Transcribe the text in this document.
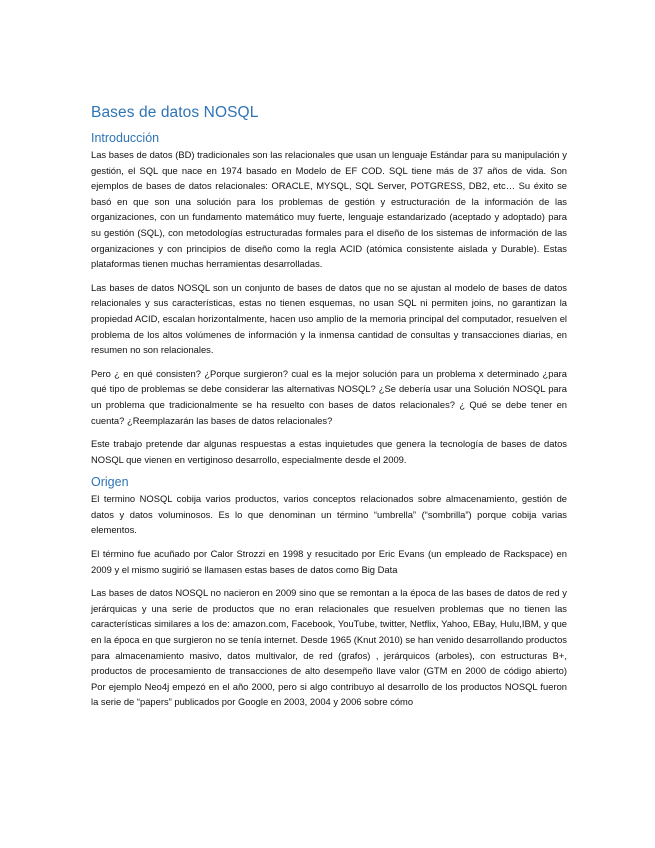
Bases de datos NOSQL
Introducción

Las bases de datos (BD) tradicionales son las relacionales que usan un lenguaje Estándar para su manipulación y gestión, el SQL que nace en 1974 basado en Modelo de EF COD. SQL tiene más de 37 años de vida. Son ejemplos de bases de datos relacionales: ORACLE, MYSQL, SQL Server, POTGRESS, DB2, etc… Su éxito se basó en que son una solución para los problemas de gestión y estructuración de la información de las organizaciones, con un fundamento matemático muy fuerte, lenguaje estandarizado (aceptado y adoptado) para su gestión (SQL), con metodologías estructuradas formales para el diseño de los sistemas de información de las organizaciones y con principios de diseño como la regla ACID (atómica consistente aislada y Durable). Estas plataformas tienen muchas herramientas desarrolladas.

Las bases de datos NOSQL son un conjunto de bases de datos que no se ajustan al modelo de bases de datos relacionales y sus características, estas no tienen esquemas, no usan SQL ni permiten joins, no garantizan la propiedad ACID, escalan horizontalmente, hacen uso amplio de la memoria principal del computador, resuelven el problema de los altos volúmenes de información y la inmensa cantidad de consultas y transacciones diarias, en resumen no son relacionales.

Pero ¿ en qué consisten? ¿Porque surgieron? cual es la mejor solución para un problema x determinado ¿para qué tipo de problemas se debe considerar las alternativas NOSQL? ¿Se debería usar una Solución NOSQL para un problema que tradicionalmente se ha resuelto con bases de datos relacionales? ¿ Qué se debe tener en cuenta? ¿Reemplazarán las bases de datos relacionales?

Este trabajo pretende dar algunas respuestas a estas inquietudes que genera la tecnología de bases de datos NOSQL que vienen en vertiginoso desarrollo, especialmente desde el 2009.

Origen

El termino NOSQL cobija varios productos, varios conceptos relacionados sobre almacenamiento, gestión de datos y datos voluminosos. Es lo que denominan un término “umbrella” (“sombrilla”) porque cobija varias elementos.

El término fue acuñado por Calor Strozzi en 1998 y resucitado por Eric Evans (un empleado de Rackspace) en 2009 y el mismo sugirió se llamasen estas bases de datos como Big Data

Las bases de datos NOSQL no nacieron en 2009 sino que se remontan a la época de las bases de datos de red y jerárquicas y una serie de productos que no eran relacionales que resuelven problemas que no tienen las características similares a los de: amazon.com, Facebook, YouTube, twitter, Netflix, Yahoo, EBay, Hulu,IBM, y que en la época en que surgieron no se tenía internet. Desde 1965 (Knut 2010) se han venido desarrollando productos para almacenamiento masivo, datos multivalor, de red (grafos) , jerárquicos (arboles), con estructuras B+, productos de procesamiento de transacciones de alto desempeño llave valor (GTM en 2000 de código abierto) Por ejemplo Neo4j empezó en el año 2000, pero si algo contribuyo al desarrollo de los productos NOSQL fueron la serie de “papers” publicados por Google en 2003, 2004 y 2006 sobre cómo
